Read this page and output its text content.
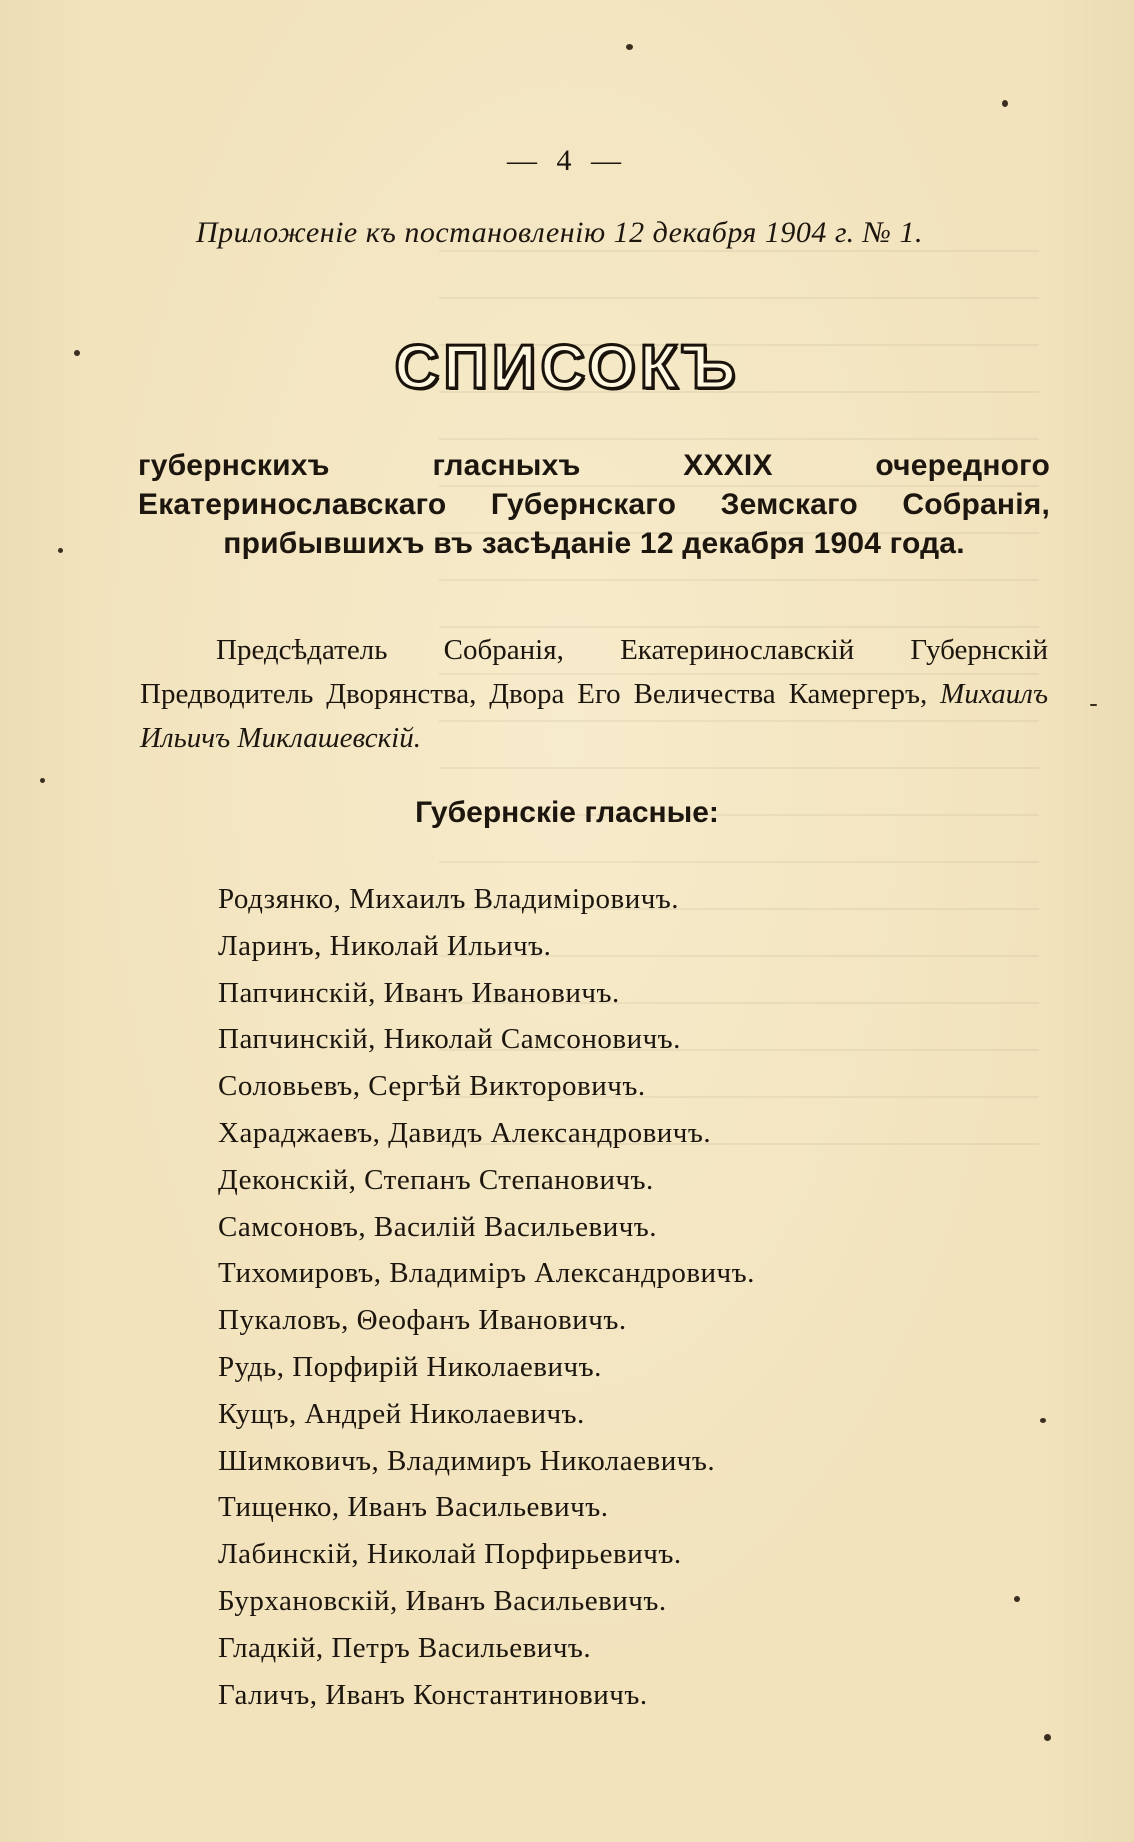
— 4 —
Приложеніе къ постановленію 12 декабря 1904 г. № 1.
СПИСОКЪ
губернскихъ гласныхъ XXXIX очередного Екатеринославскаго Губернскаго Земскаго Собранія, прибывшихъ въ засѣданіе 12 декабря 1904 года.
Предсѣдатель Собранія, Екатеринославскій Губернскій Предводитель Дворянства, Двора Его Величества Камергеръ, Михаилъ Ильичъ Миклашевскій.
Губернскіе гласные:
Родзянко, Михаилъ Владиміровичъ.
Ларинъ, Николай Ильичъ.
Папчинскій, Иванъ Ивановичъ.
Папчинскій, Николай Самсоновичъ.
Соловьевъ, Сергѣй Викторовичъ.
Хараджаевъ, Давидъ Александровичъ.
Деконскій, Степанъ Степановичъ.
Самсоновъ, Василій Васильевичъ.
Тихомировъ, Владиміръ Александровичъ.
Пукаловъ, Θеофанъ Ивановичъ.
Рудь, Порфирій Николаевичъ.
Кущъ, Андрей Николаевичъ.
Шимковичъ, Владимиръ Николаевичъ.
Тищенко, Иванъ Васильевичъ.
Лабинскій, Николай Порфирьевичъ.
Бурхановскій, Иванъ Васильевичъ.
Гладкій, Петръ Васильевичъ.
Галичъ, Иванъ Константиновичъ.
